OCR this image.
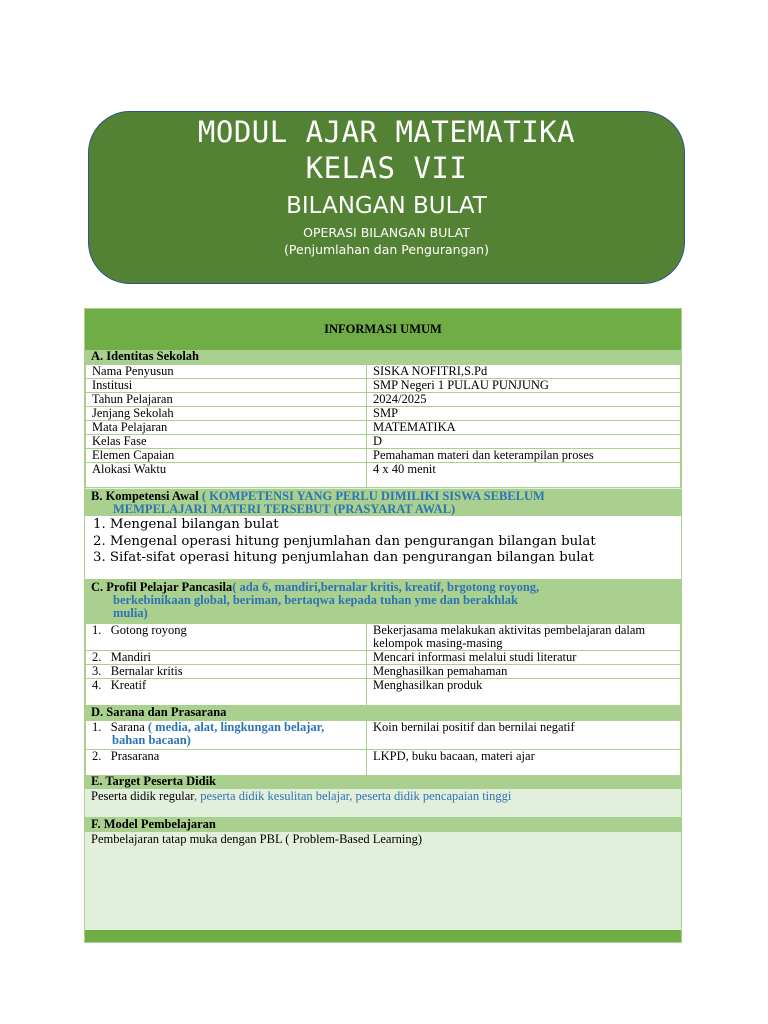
MODUL AJAR MATEMATIKA
KELAS VII
BILANGAN BULAT
OPERASI BILANGAN BULAT
(Penjumlahan dan Pengurangan)
INFORMASI UMUM
A. Identitas Sekolah
Nama Penyusun	SISKA NOFITRI,S.Pd
Institusi	SMP Negeri 1 PULAU PUNJUNG
Tahun Pelajaran	2024/2025
Jenjang Sekolah	SMP
Mata Pelajaran	MATEMATIKA
Kelas Fase	D
Elemen Capaian	Pemahaman materi dan keterampilan proses
Alokasi Waktu	4 x 40 menit
B. Kompetensi Awal ( KOMPETENSI YANG PERLU DIMILIKI SISWA SEBELUM
MEMPELAJARI MATERI TERSEBUT (PRASYARAT AWAL)
1. Mengenal bilangan bulat
2. Mengenal operasi hitung penjumlahan dan pengurangan bilangan bulat
3. Sifat-sifat operasi hitung penjumlahan dan pengurangan bilangan bulat
C. Profil Pelajar Pancasila( ada 6, mandiri,bernalar kritis, kreatif, brgotong royong,
berkebinikaan global, beriman, bertaqwa kepada tuhan yme dan berakhlak
mulia)
1. Gotong royong	Bekerjasama melakukan aktivitas pembelajaran dalam
kelompok masing-masing

2. Mandiri	Mencari informasi melalui studi literatur
3. Bernalar kritis	Menghasilkan pemahaman
4. Kreatif	Menghasilkan produk
D. Sarana dan Prasarana
1. Sarana ( media, alat, lingkungan belajar,
bahan bacaan)	Koin bernilai positif dan bernilai negatif
2. Prasarana	LKPD, buku bacaan, materi ajar
E. Target Peserta Didik
Peserta didik regular, peserta didik kesulitan belajar, peserta didik pencapaian tinggi
F. Model Pembelajaran
Pembelajaran tatap muka dengan PBL ( Problem-Based Learning)
